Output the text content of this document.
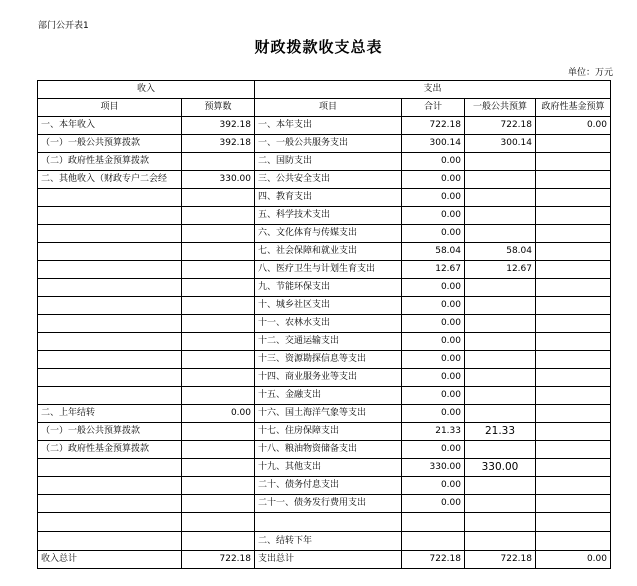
部门公开表1
财政拨款收支总表
单位：万元
收入		支出			
项目	预算数	项目	合计	一般公共预算	政府性基金预算
一、本年收入	392.18	一、本年支出	722.18	722.18	0.00
（一）一般公共预算拨款	392.18	一、一般公共服务支出	300.14	300.14	
（二）政府性基金预算拨款		二、国防支出	0.00		
二、其他收入（财政专户二会经	330.00	三、公共安全支出	0.00		
		四、教育支出	0.00		
		五、科学技术支出	0.00		
		六、文化体育与传媒支出	0.00		
		七、社会保障和就业支出	58.04	58.04	
		八、医疗卫生与计划生育支出	12.67	12.67	
		九、节能环保支出	0.00		
		十、城乡社区支出	0.00		
		十一、农林水支出	0.00		
		十二、交通运输支出	0.00		
		十三、资源勘探信息等支出	0.00		
		十四、商业服务业等支出	0.00		
		十五、金融支出	0.00		
二、上年结转	0.00	十六、国土海洋气象等支出	0.00		
（一）一般公共预算拨款		十七、住房保障支出	21.33	21.33	
（二）政府性基金预算拨款		十八、粮油物资储备支出	0.00		
		十九、其他支出	330.00	330.00	
		二十、债务付息支出	0.00		
		二十一、债务发行费用支出	0.00		

		二、结转下年			
收入总计	722.18	支出总计	722.18	722.18	0.00
